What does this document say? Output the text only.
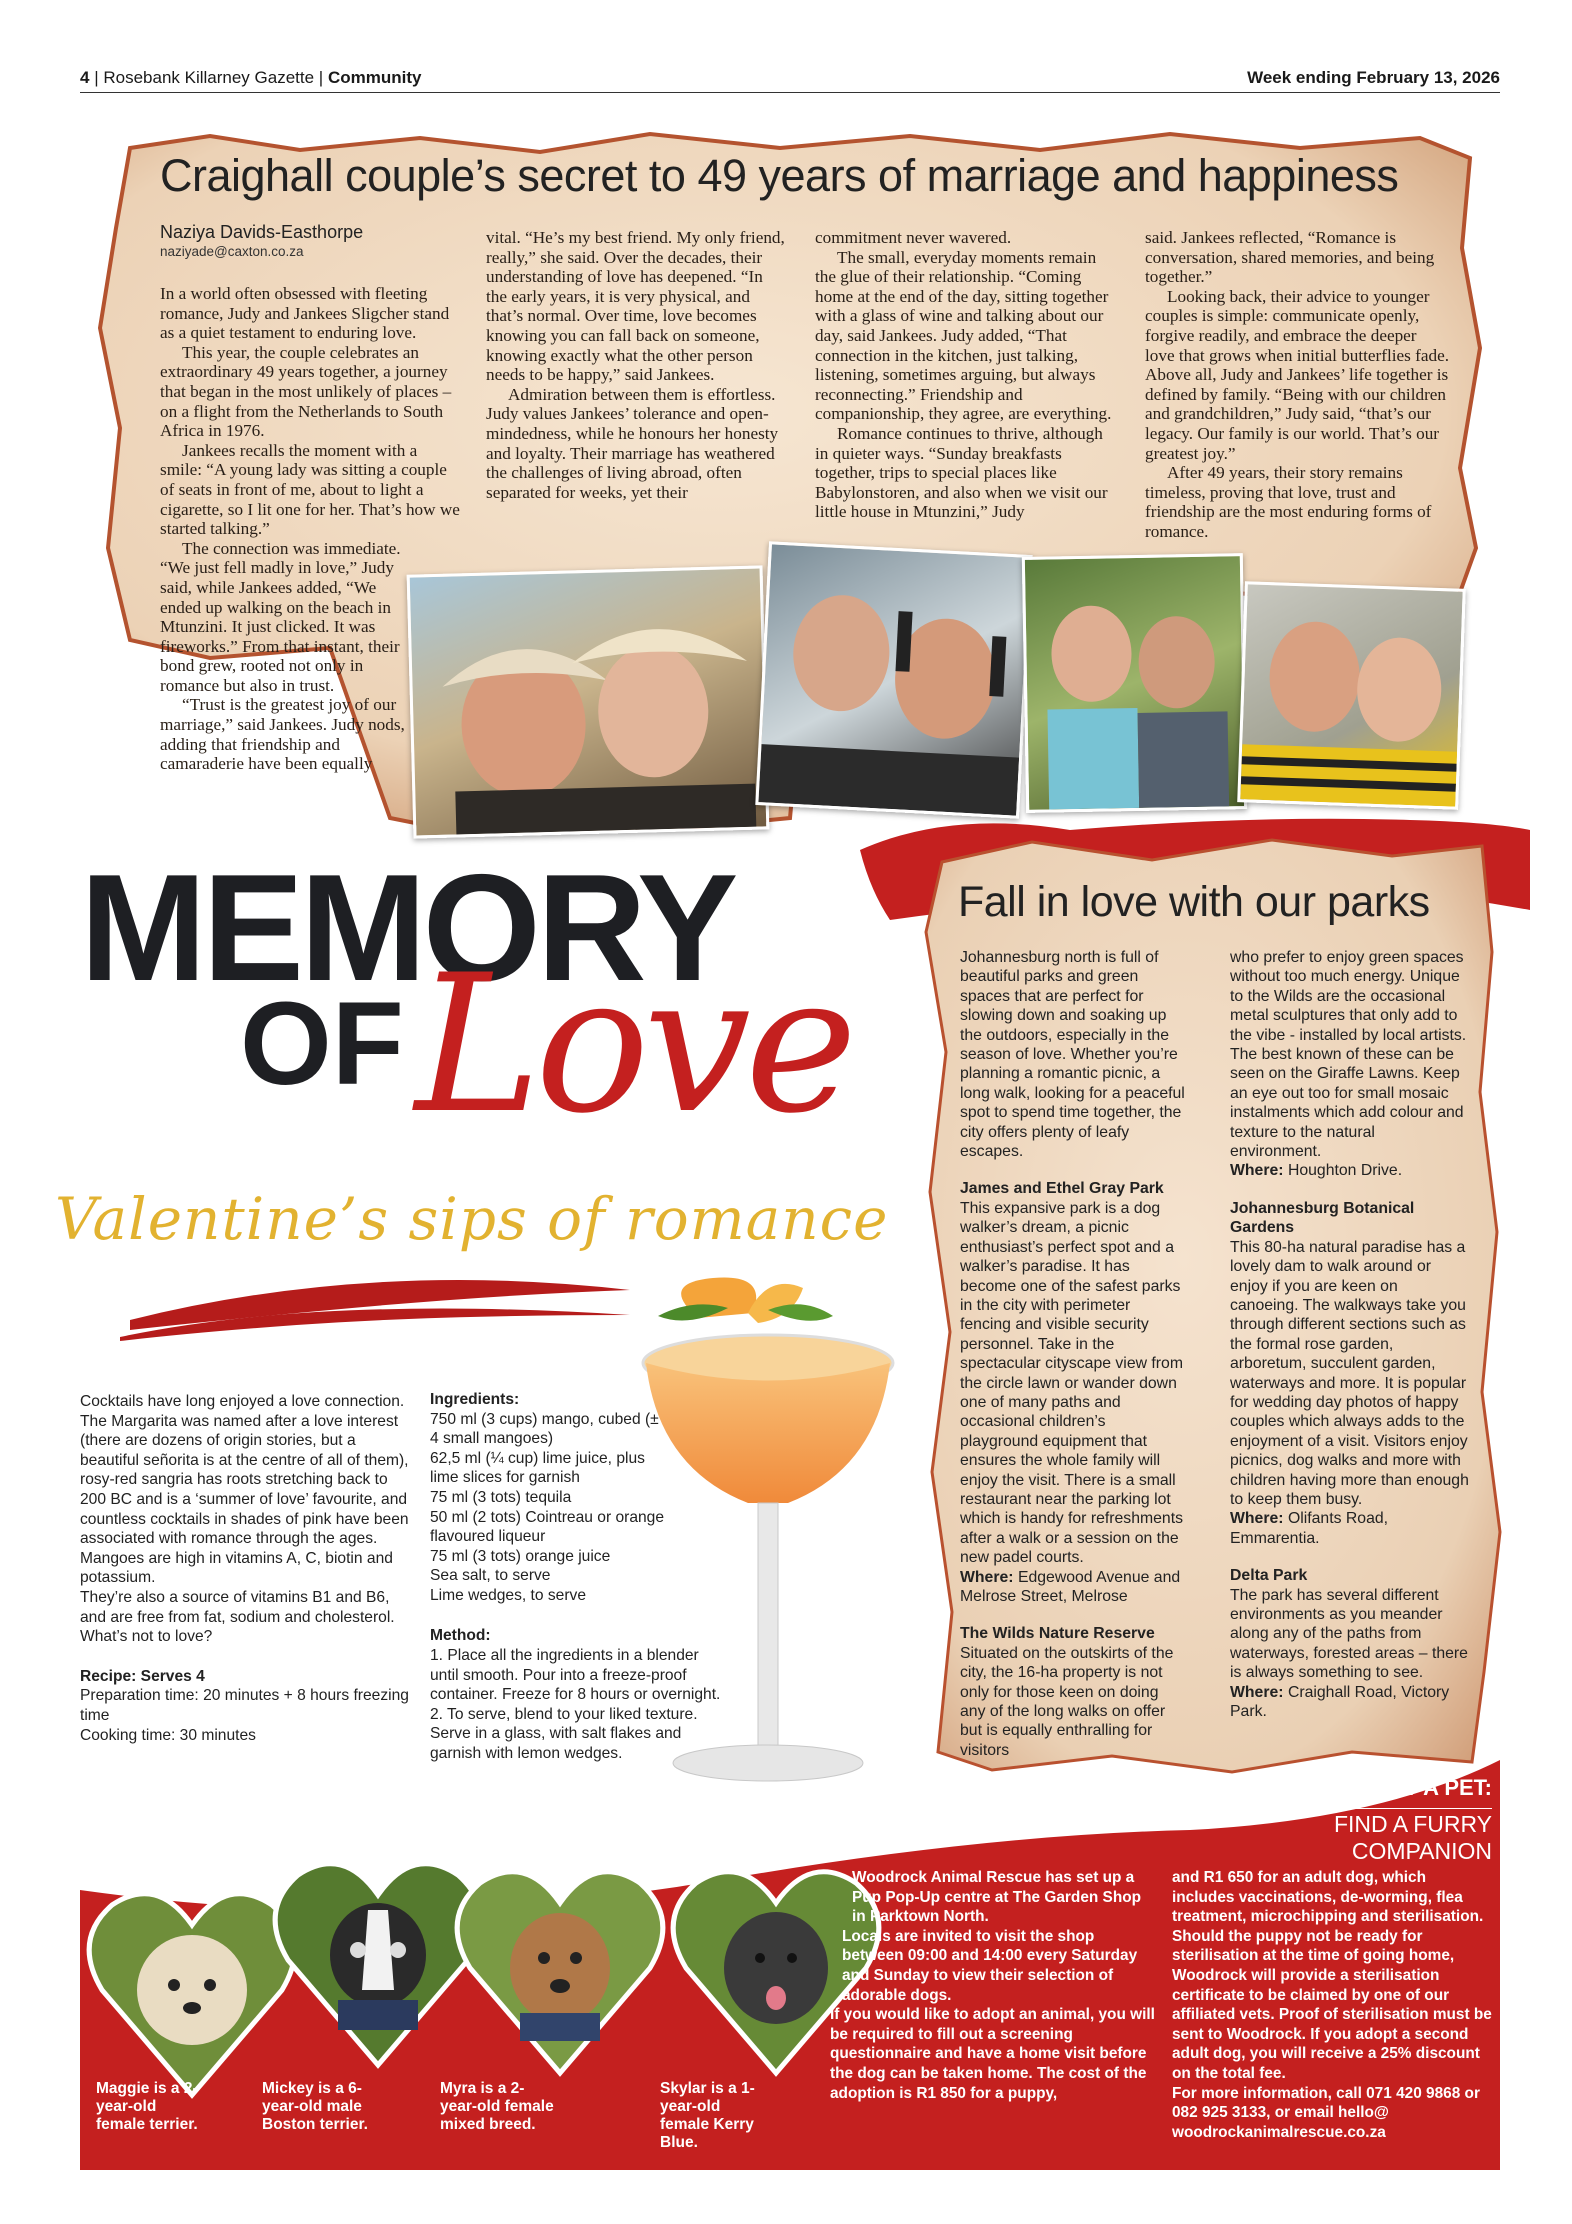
4 | Rosebank Killarney Gazette | Community	Week ending February 13, 2026
Craighall couple’s secret to 49 years of marriage and happiness
Naziya Davids-Easthorpe
naziyade@caxton.co.za

In a world often obsessed with fleeting romance, Judy and Jankees Sligcher stand as a quiet testament to enduring love.

This year, the couple celebrates an extraordinary 49 years together, a journey that began in the most unlikely of places – on a flight from the Netherlands to South Africa in 1976.

Jankees recalls the moment with a smile: “A young lady was sitting a couple of seats in front of me, about to light a cigarette, so I lit one for her. That’s how we started talking.”

The connection was immediate. “We just fell madly in love,” Judy said, while Jankees added, “We ended up walking on the beach in Mtunzini. It just clicked. It was fireworks.” From that instant, their bond grew, rooted not only in romance but also in trust.

“Trust is the greatest joy of our marriage,” said Jankees. Judy nods, adding that friendship and camaraderie have been equally

vital. “He’s my best friend. My only friend, really,” she said. Over the decades, their understanding of love has deepened. “In the early years, it is very physical, and that’s normal. Over time, love becomes knowing you can fall back on someone, knowing exactly what the other person needs to be happy,” said Jankees.

Admiration between them is effortless. Judy values Jankees’ tolerance and open-mindedness, while he honours her honesty and loyalty. Their marriage has weathered the challenges of living abroad, often separated for weeks, yet their

commitment never wavered.

The small, everyday moments remain the glue of their relationship. “Coming home at the end of the day, sitting together with a glass of wine and talking about our day, said Jankees. Judy added, “That connection in the kitchen, just talking, listening, sometimes arguing, but always reconnecting.” Friendship and companionship, they agree, are everything.

Romance continues to thrive, although in quieter ways. “Sunday breakfasts together, trips to special places like Babylonstoren, and also when we visit our little house in Mtunzini,” Judy

said. Jankees reflected, “Romance is conversation, shared memories, and being together.”

Looking back, their advice to younger couples is simple: communicate openly, forgive readily, and embrace the deeper love that grows when initial butterflies fade. Above all, Judy and Jankees’ life together is defined by family. “Being with our children and grandchildren,” Judy said, “that’s our legacy. Our family is our world. That’s our greatest joy.”

After 49 years, their story remains timeless, proving that love, trust and friendship are the most enduring forms of romance.

MEMORY
OF Love
Valentine’s sips of romance
Fall in love with our parks

Johannesburg north is full of beautiful parks and green spaces that are perfect for slowing down and soaking up the outdoors, especially in the season of love. Whether you’re planning a romantic picnic, a long walk, looking for a peaceful spot to spend time together, the city offers plenty of leafy escapes.

James and Ethel Gray Park

This expansive park is a dog walker’s dream, a picnic enthusiast’s perfect spot and a walker’s paradise. It has become one of the safest parks in the city with perimeter fencing and visible security personnel. Take in the spectacular cityscape view from the circle lawn or wander down one of many paths and occasional children’s playground equipment that ensures the whole family will enjoy the visit. There is a small restaurant near the parking lot which is handy for refreshments after a walk or a session on the new padel courts.

Where: Edgewood Avenue and Melrose Street, Melrose

The Wilds Nature Reserve

Situated on the outskirts of the city, the 16-ha property is not only for those keen on doing any of the long walks on offer but is equally enthralling for visitors

who prefer to enjoy green spaces without too much energy. Unique to the Wilds are the occasional metal sculptures that only add to the vibe - installed by local artists. The best known of these can be seen on the Giraffe Lawns. Keep an eye out too for small mosaic instalments which add colour and texture to the natural environment.

Where: Houghton Drive.

Johannesburg Botanical Gardens

This 80-ha natural paradise has a lovely dam to walk around or enjoy if you are keen on canoeing. The walkways take you through different sections such as the formal rose garden, arboretum, succulent garden, waterways and more. It is popular for wedding day photos of happy couples which always adds to the enjoyment of a visit. Visitors enjoy picnics, dog walks and more with children having more than enough to keep them busy.

Where: Olifants Road, Emmarentia.

Delta Park

The park has several different environments as you meander along any of the paths from waterways, forested areas – there is always something to see.

Where: Craighall Road, Victory Park.

Cocktails have long enjoyed a love connection. The Margarita was named after a love interest (there are dozens of origin stories, but a beautiful señorita is at the centre of all of them), rosy-red sangria has roots stretching back to 200 BC and is a ‘summer of love’ favourite, and countless cocktails in shades of pink have been associated with romance through the ages.

Mangoes are high in vitamins A, C, biotin and potassium.

They’re also a source of vitamins B1 and B6, and are free from fat, sodium and cholesterol. What’s not to love?

Recipe: Serves 4

Preparation time: 20 minutes + 8 hours freezing time

Cooking time: 30 minutes

Ingredients:

750 ml (3 cups) mango, cubed (± 4 small mangoes)

62,5 ml (¼ cup) lime juice, plus lime slices for garnish

75 ml (3 tots) tequila

50 ml (2 tots) Cointreau or orange flavoured liqueur

75 ml (3 tots) orange juice

Sea salt, to serve

Lime wedges, to serve

Method:

1. Place all the ingredients in a blender until smooth. Pour into a freeze-proof container. Freeze for 8 hours or overnight.

2. To serve, blend to your liked texture. Serve in a glass, with salt flakes and garnish with lemon wedges.

ADOPT A PET:
FIND A FURRY COMPANION
Maggie is a 2-year-old female terrier.
Mickey is a 6-year-old male Boston terrier.
Myra is a 2-year-old female mixed breed.
Skylar is a 1-year-old female Kerry Blue.

Woodrock Animal Rescue has set up a Pup Pop-Up centre at The Garden Shop in Parktown North.

Locals are invited to visit the shop between 09:00 and 14:00 every Saturday and Sunday to view their selection of adorable dogs.

If you would like to adopt an animal, you will be required to fill out a screening questionnaire and have a home visit before the dog can be taken home. The cost of the adoption is R1 850 for a puppy,

and R1 650 for an adult dog, which includes vaccinations, de-worming, flea treatment, microchipping and sterilisation. Should the puppy not be ready for sterilisation at the time of going home, Woodrock will provide a sterilisation certificate to be claimed by one of our affiliated vets. Proof of sterilisation must be sent to Woodrock. If you adopt a second adult dog, you will receive a 25% discount on the total fee.

For more information, call 071 420 9868 or 082 925 3133, or email hello@ woodrockanimalrescue.co.za
